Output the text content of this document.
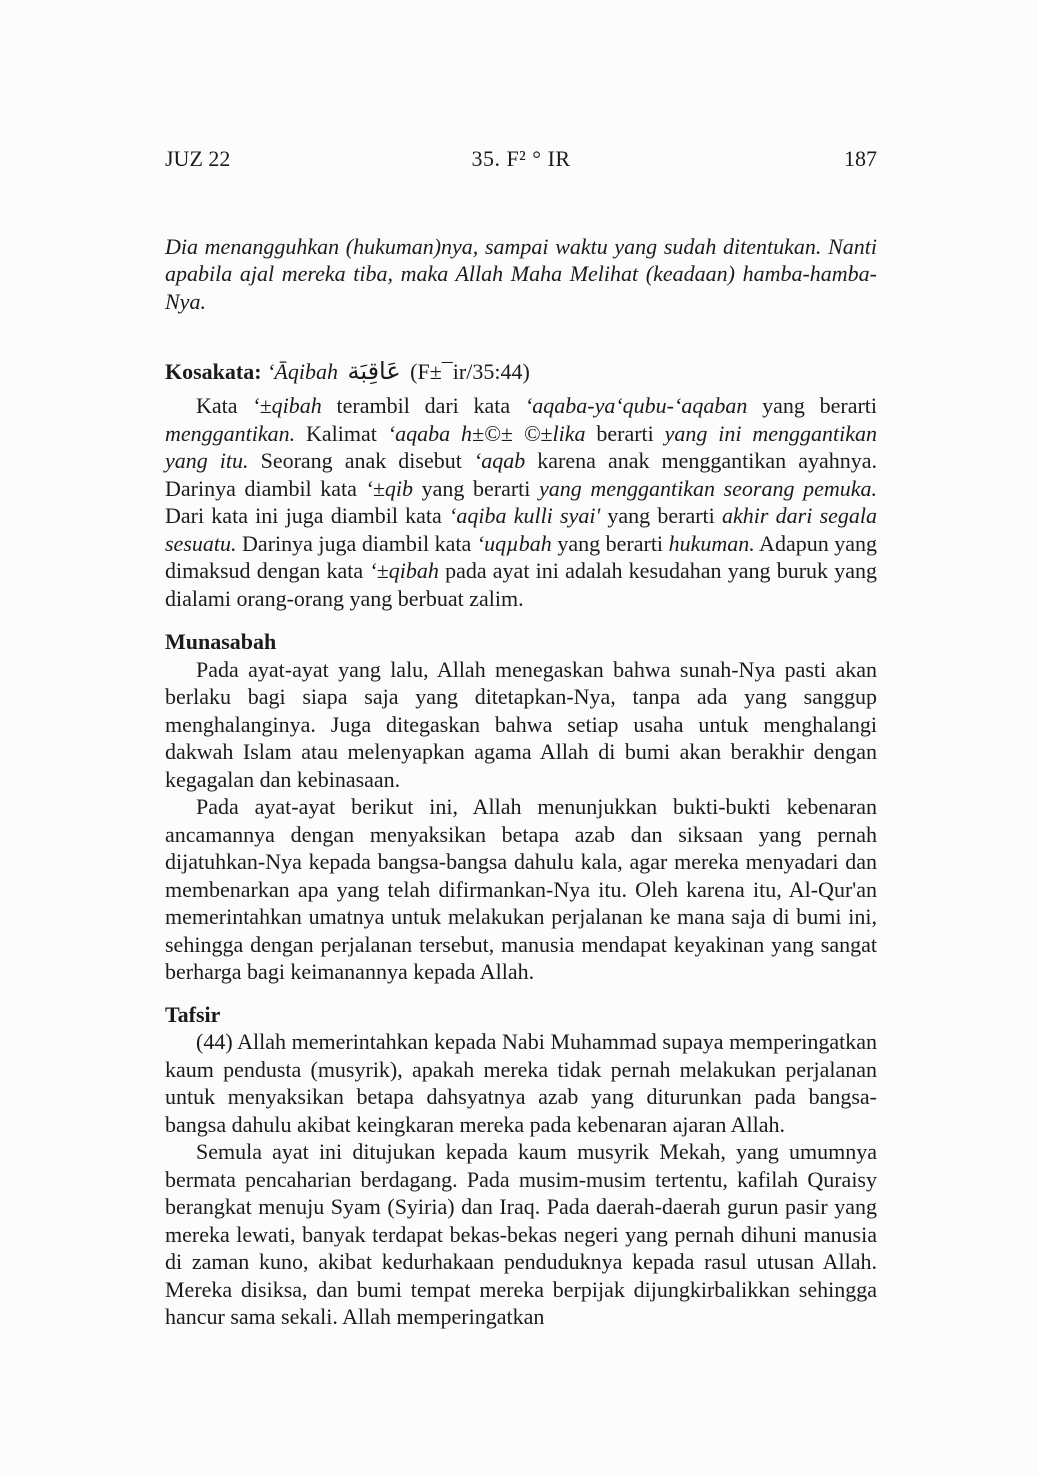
JUZ 22	35. F² ° IR	187

Dia menangguhkan (hukuman)nya, sampai waktu yang sudah ditentukan. Nanti apabila ajal mereka tiba, maka Allah Maha Melihat (keadaan) hamba-hamba-Nya.

Kosakata: ‘Āqibah عَاقِبَة (F±¯ir/35:44)

Kata ‘±qibah terambil dari kata ‘aqaba-ya‘qubu-‘aqaban yang berarti menggantikan. Kalimat ‘aqaba h±©± ©±lika berarti yang ini menggantikan yang itu. Seorang anak disebut ‘aqab karena anak menggantikan ayahnya. Darinya diambil kata ‘±qib yang berarti yang menggantikan seorang pemuka. Dari kata ini juga diambil kata ‘aqiba kulli syai' yang berarti akhir dari segala sesuatu. Darinya juga diambil kata ‘uqµbah yang berarti hukuman. Adapun yang dimaksud dengan kata ‘±qibah pada ayat ini adalah kesudahan yang buruk yang dialami orang-orang yang berbuat zalim.

Munasabah

Pada ayat-ayat yang lalu, Allah menegaskan bahwa sunah-Nya pasti akan berlaku bagi siapa saja yang ditetapkan-Nya, tanpa ada yang sanggup menghalanginya. Juga ditegaskan bahwa setiap usaha untuk menghalangi dakwah Islam atau melenyapkan agama Allah di bumi akan berakhir dengan kegagalan dan kebinasaan.

Pada ayat-ayat berikut ini, Allah menunjukkan bukti-bukti kebenaran ancamannya dengan menyaksikan betapa azab dan siksaan yang pernah dijatuhkan-Nya kepada bangsa-bangsa dahulu kala, agar mereka menyadari dan membenarkan apa yang telah difirmankan-Nya itu. Oleh karena itu, Al-Qur'an memerintahkan umatnya untuk melakukan perjalanan ke mana saja di bumi ini, sehingga dengan perjalanan tersebut, manusia mendapat keyakinan yang sangat berharga bagi keimanannya kepada Allah.

Tafsir

(44) Allah memerintahkan kepada Nabi Muhammad supaya memperingatkan kaum pendusta (musyrik), apakah mereka tidak pernah melakukan perjalanan untuk menyaksikan betapa dahsyatnya azab yang diturunkan pada bangsa-bangsa dahulu akibat keingkaran mereka pada kebenaran ajaran Allah.

Semula ayat ini ditujukan kepada kaum musyrik Mekah, yang umumnya bermata pencaharian berdagang. Pada musim-musim tertentu, kafilah Quraisy berangkat menuju Syam (Syiria) dan Iraq. Pada daerah-daerah gurun pasir yang mereka lewati, banyak terdapat bekas-bekas negeri yang pernah dihuni manusia di zaman kuno, akibat kedurhakaan penduduknya kepada rasul utusan Allah. Mereka disiksa, dan bumi tempat mereka berpijak dijungkirbalikkan sehingga hancur sama sekali. Allah memperingatkan
